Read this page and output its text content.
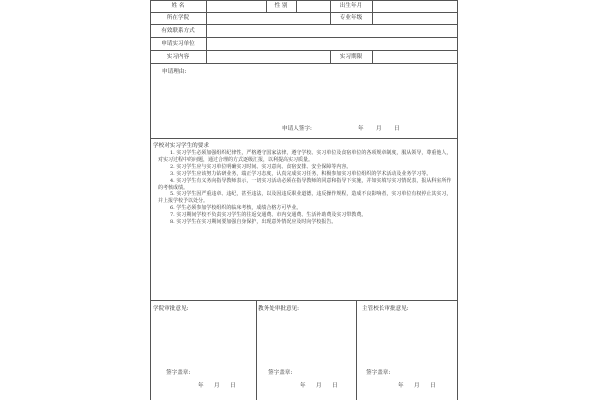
姓 名	性 别	出生年月
所在学院	专业年级
有效联系方式
申请实习单位
实习内容	实习期限
申请理由:
申请人签字:	年 月 日
学校对实习学生的要求

1. 实习学生必须加强组织纪律性，严格遵守国家法律，遵守学校、实习单位及食宿单位的各项规章制度，服从领导，尊重他人，对实习过程中的问题，通过合理的方式逐级汇报，以利提高实习质量。

2. 实习学生应与实习单位明确实习时间、实习意向、食宿安排、安全保障等内容。

3. 实习学生应该努力钻研业务，端正学习态度，认真完成实习任务，积极参加实习单位组织的学术活动及业务学习等。

4. 实习学生有义务向指导教师表示，一切实习活动必须在指导教师的同意和指导下实施，并如实填写实习情况表，报从科室所作的考核成绩。

5. 实习学生因严重违章、违纪，甚至违法，以及因违反职业道德，违反操作规程，造成不良影响者，实习单位有权停止其实习，并上报学校予以处分。

6. 学生必须参加学校组织的临床考核，成绩合格方可毕业。

7. 实习期间学校不负责实习学生的往返交通费、市内交通费、生活补助费及实习带教费。

8. 实习学生在实习期间要加强自身保护，出现意外情况应及时向学校报告。

学院审批意见:
签字盖章:
年 月 日
教务处审批意见:
签字盖章:
年 月 日
主管校长审批意见:
签字盖章:
年 月 日
